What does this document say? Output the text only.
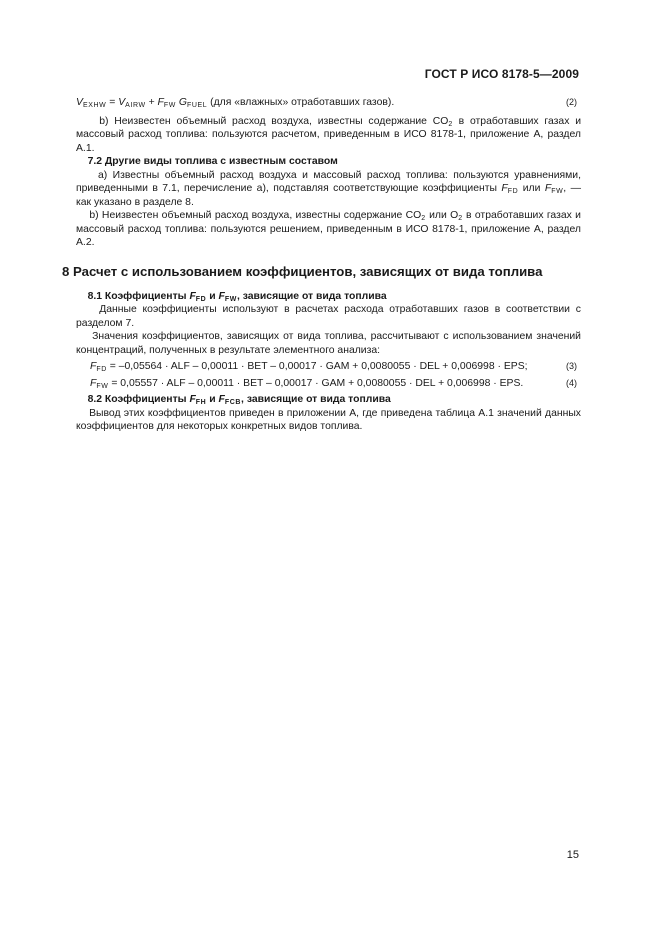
ГОСТ Р ИСО 8178-5—2009
$V_{EXHW} = V_{AIRW} + F_{FW}$ $G_{FUEL}$ (для «влажных» отработавших газов).	(2)

b) Неизвестен объемный расход воздуха, известны содержание $CO_2$ в отработавших газах и массовый расход топлива: пользуются расчетом, приведенным в ИСО 8178-1, приложение A, раздел A.1.

7.2 Другие виды топлива с известным составом

a) Известны объемный расход воздуха и массовый расход топлива: пользуются уравнениями, приведенными в 7.1, перечисление a), подставляя соответствующие коэффициенты $F_{FD}$ или $F_{FW}$, — как указано в разделе 8.

b) Неизвестен объемный расход воздуха, известны содержание $CO_2$ или $O_2$ в отработавших газах и массовый расход топлива: пользуются решением, приведенным в ИСО 8178-1, приложение A, раздел A.2.

8 Расчет с использованием коэффициентов, зависящих от вида топлива

8.1 Коэффициенты $F_{FD}$ и $F_{FW}$, зависящие от вида топлива

Данные коэффициенты используют в расчетах расхода отработавших газов в соответствии с разделом 7.

Значения коэффициентов, зависящих от вида топлива, рассчитывают с использованием значений концентраций, полученных в результате элементного анализа:

$F_{FD} = -0,05564$ · ALF – 0,00011 · BET – 0,00017 · GAM + 0,0080055 · DEL + 0,006998 · EPS;	(3)
$F_{FW} = 0,05557$ · ALF – 0,00011 · BET – 0,00017 · GAM + 0,0080055 · DEL + 0,006998 · EPS.	(4)

8.2 Коэффициенты $F_{FH}$ и $F_{FCB}$, зависящие от вида топлива

Вывод этих коэффициентов приведен в приложении A, где приведена таблица A.1 значений данных коэффициентов для некоторых конкретных видов топлива.

15
